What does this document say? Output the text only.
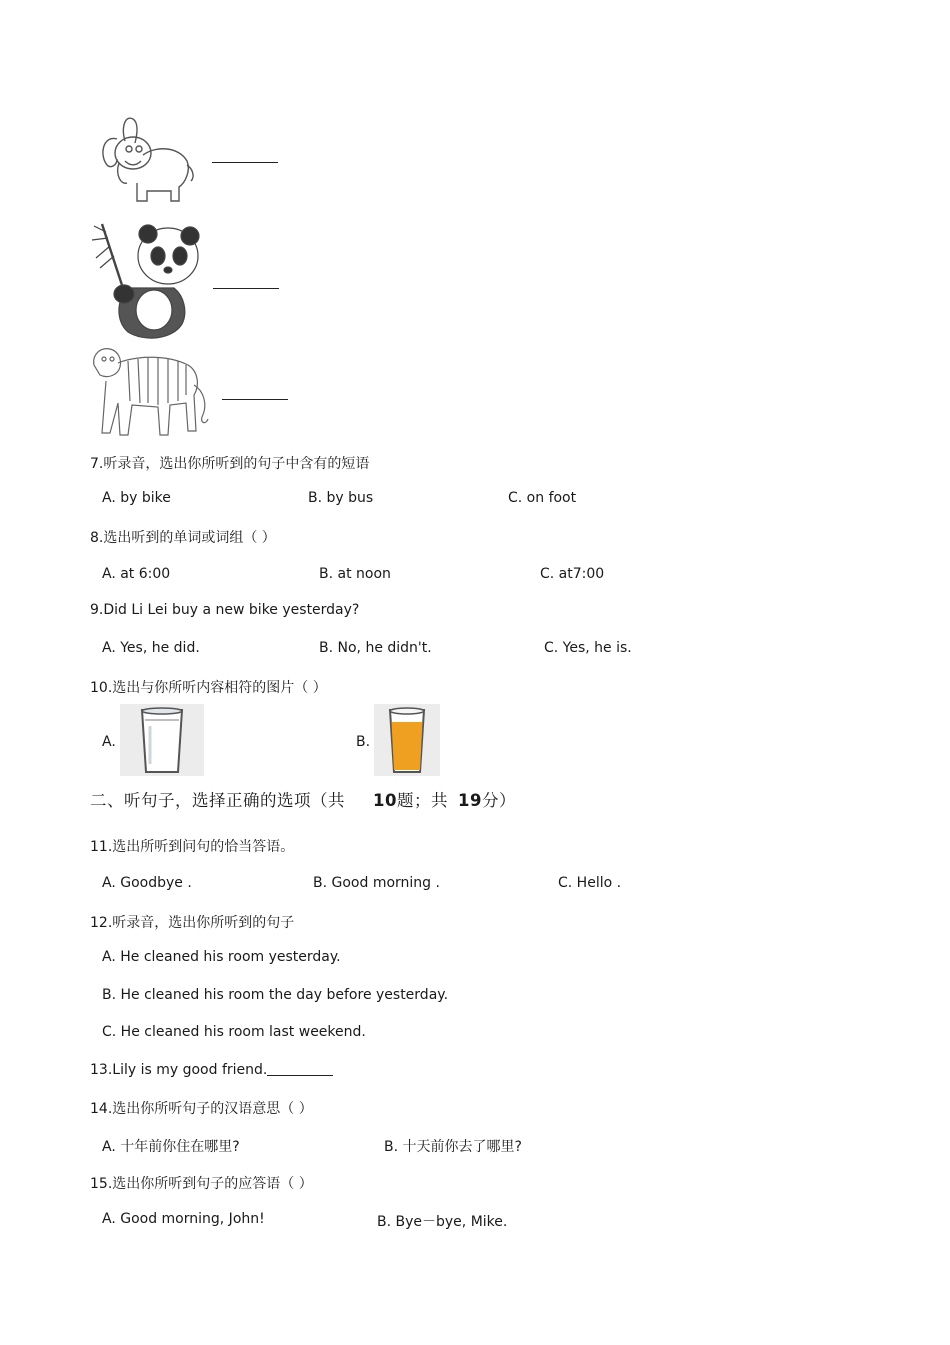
7.听录音，选出你所听到的句子中含有的短语
A. by bike	B. by bus	C. on foot
8.选出听到的单词或词组（ ）
A. at 6:00	B. at noon	C. at7:00
9.Did Li Lei buy a new bike yesterday?
A. Yes, he did.	B. No, he didn't.	C. Yes, he is.
10.选出与你所听内容相符的图片（ ）
A.	B.
二、听句子，选择正确的选项（共 10题；共 19分）
11.选出所听到问句的恰当答语。
A. Goodbye .	B. Good morning .	C. Hello .
12.听录音，选出你所听到的句子
A. He cleaned his room yesterday.
B. He cleaned his room the day before yesterday.
C. He cleaned his room last weekend.
13.Lily is my good friend.
14.选出你所听句子的汉语意思（ ）
A. 十年前你住在哪里?	B. 十天前你去了哪里?
15.选出你所听到句子的应答语（ ）
A. Good morning, John!	B. Bye－bye, Mike.
